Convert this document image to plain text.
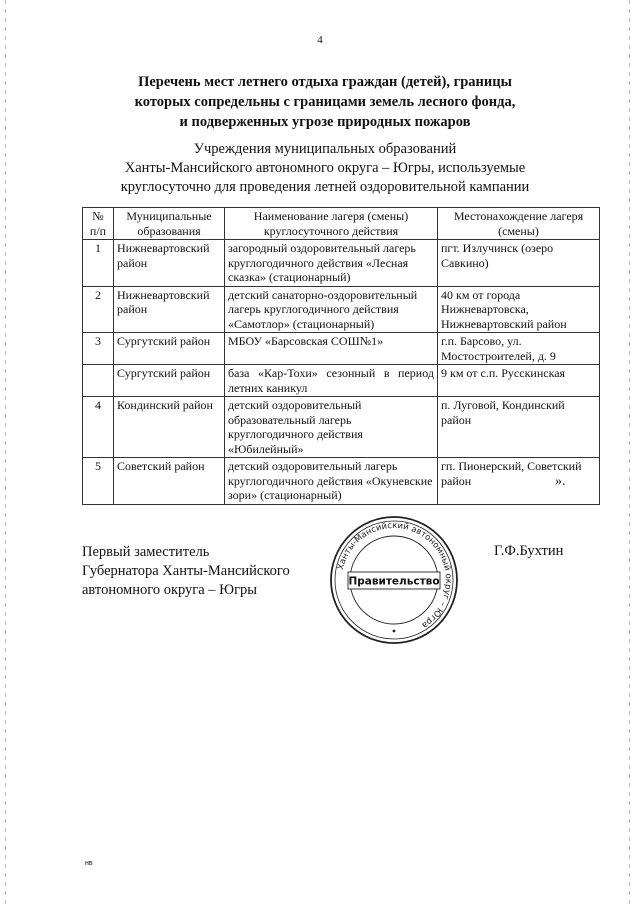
4
Перечень мест летнего отдыха граждан (детей), границы
которых сопредельны с границами земель лесного фонда,
и подверженных угрозе природных пожаров
Учреждения муниципальных образований
Ханты-Мансийского автономного округа – Югры, используемые
круглосуточно для проведения летней оздоровительной кампании
№ п/п	Муниципальные образования	Наименование лагеря (смены) круглосуточного действия	Местонахождение лагеря (смены)
1	Нижневартовский район	загородный оздоровительный лагерь круглогодичного действия «Лесная сказка» (стационарный)	пгт. Излучинск (озеро Савкино)
2	Нижневартовский район	детский санаторно-оздоровительный лагерь круглогодичного действия «Самотлор» (стационарный)	40 км от города Нижневартовска, Нижневартовский район
3	Сургутский район	МБОУ «Барсовская СОШ№1»	г.п. Барсово, ул. Мостостроителей, д. 9
	Сургутский район	база «Кар-Тохи» сезонный в период летних каникул	9 км от с.п. Русскинская
4	Кондинский район	детский оздоровительный образовательный лагерь круглогодичного действия «Юбилейный»	п. Луговой, Кондинский район
5	Советский район	детский оздоровительный лагерь круглогодичного действия «Окуневские зори» (стационарный)	гп. Пионерский, Советский район	».
Первый заместитель
Губернатора Ханты-Мансийского
автономного округа – Югры
Г.Ф.Бухтин
Ханты-Мансийский автономный округ – Югра
Правительство
нв
